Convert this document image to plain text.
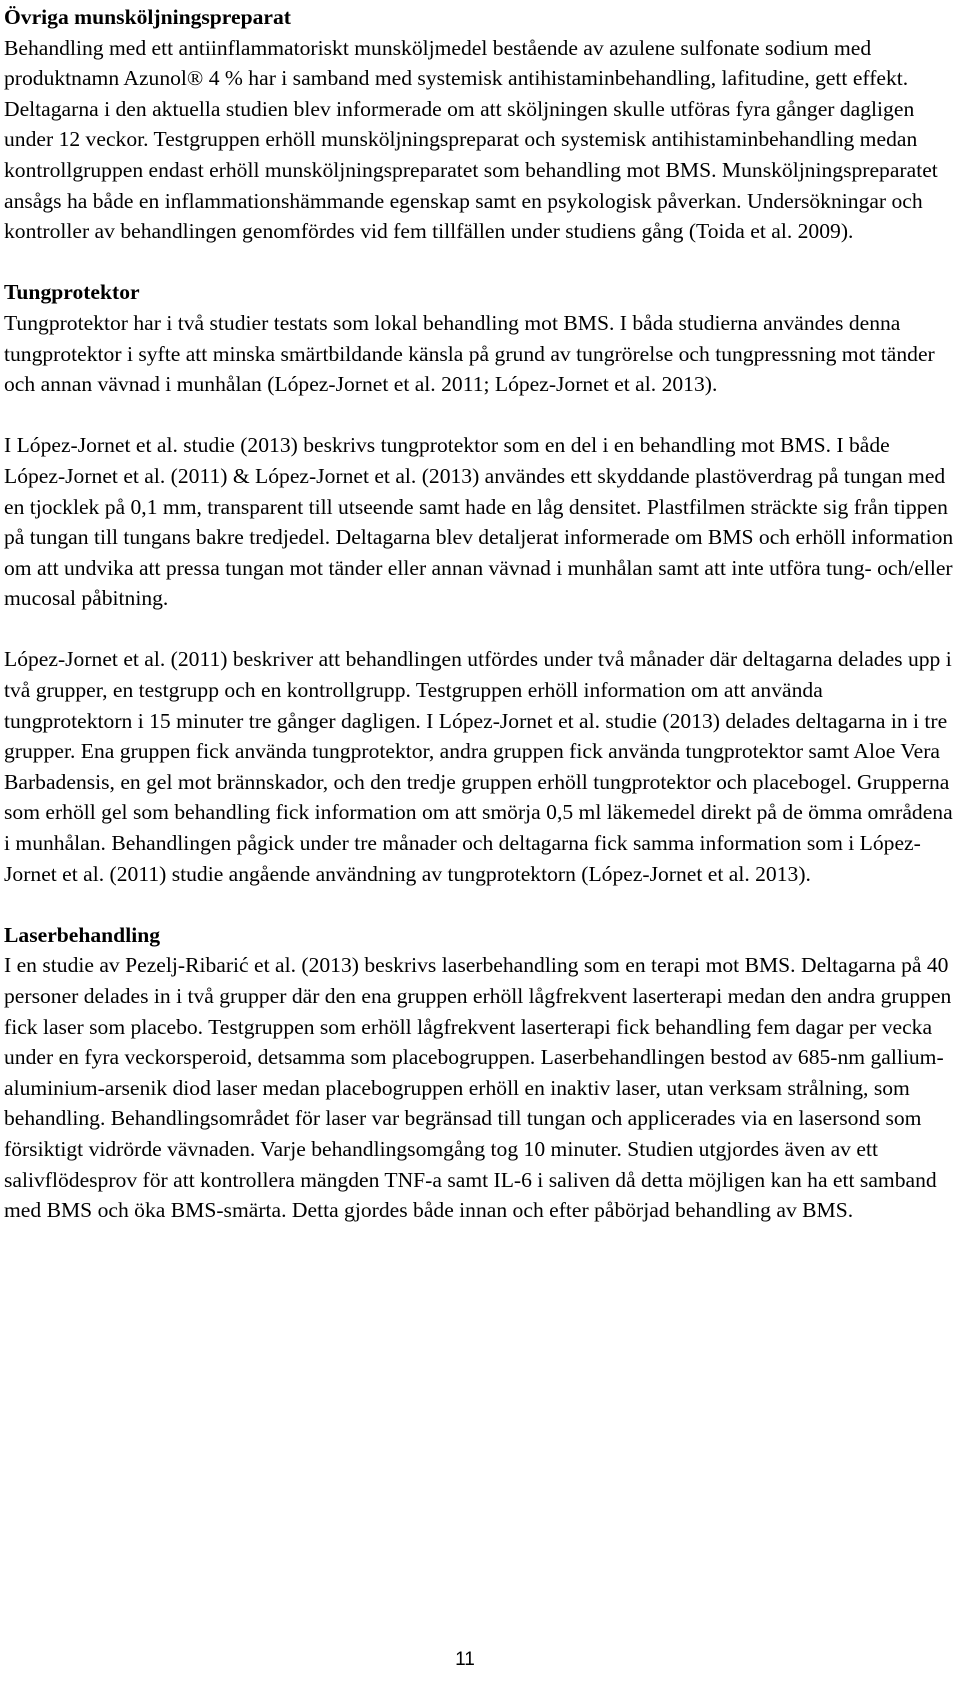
Övriga munsköljningspreparat

Behandling med ett antiinflammatoriskt munsköljmedel bestående av azulene sulfonate sodium med produktnamn Azunol® 4 % har i samband med systemisk antihistaminbehandling, lafitudine, gett effekt. Deltagarna i den aktuella studien blev informerade om att sköljningen skulle utföras fyra gånger dagligen under 12 veckor. Testgruppen erhöll munsköljningspreparat och systemisk antihistaminbehandling medan kontrollgruppen endast erhöll munsköljningspreparatet som behandling mot BMS. Munsköljningspreparatet ansågs ha både en inflammationshämmande egenskap samt en psykologisk påverkan. Undersökningar och kontroller av behandlingen genomfördes vid fem tillfällen under studiens gång (Toida et al. 2009).

Tungprotektor

Tungprotektor har i två studier testats som lokal behandling mot BMS. I båda studierna användes denna tungprotektor i syfte att minska smärtbildande känsla på grund av tungrörelse och tungpressning mot tänder och annan vävnad i munhålan (López-Jornet et al. 2011; López-Jornet et al. 2013).

I López-Jornet et al. studie (2013) beskrivs tungprotektor som en del i en behandling mot BMS. I både López-Jornet et al. (2011) & López-Jornet et al. (2013) användes ett skyddande plastöverdrag på tungan med en tjocklek på 0,1 mm, transparent till utseende samt hade en låg densitet. Plastfilmen sträckte sig från tippen på tungan till tungans bakre tredjedel. Deltagarna blev detaljerat informerade om BMS och erhöll information om att undvika att pressa tungan mot tänder eller annan vävnad i munhålan samt att inte utföra tung- och/eller mucosal påbitning.

López-Jornet et al. (2011) beskriver att behandlingen utfördes under två månader där deltagarna delades upp i två grupper, en testgrupp och en kontrollgrupp. Testgruppen erhöll information om att använda tungprotektorn i 15 minuter tre gånger dagligen. I López-Jornet et al. studie (2013) delades deltagarna in i tre grupper. Ena gruppen fick använda tungprotektor, andra gruppen fick använda tungprotektor samt Aloe Vera Barbadensis, en gel mot brännskador, och den tredje gruppen erhöll tungprotektor och placebogel. Grupperna som erhöll gel som behandling fick information om att smörja 0,5 ml läkemedel direkt på de ömma områdena i munhålan. Behandlingen pågick under tre månader och deltagarna fick samma information som i López-Jornet et al. (2011) studie angående användning av tungprotektorn (López-Jornet et al. 2013).

Laserbehandling

I en studie av Pezelj-Ribarić et al. (2013) beskrivs laserbehandling som en terapi mot BMS. Deltagarna på 40 personer delades in i två grupper där den ena gruppen erhöll lågfrekvent laserterapi medan den andra gruppen fick laser som placebo. Testgruppen som erhöll lågfrekvent laserterapi fick behandling fem dagar per vecka under en fyra veckorsperoid, detsamma som placebogruppen. Laserbehandlingen bestod av 685-nm gallium-aluminium-arsenik diod laser medan placebogruppen erhöll en inaktiv laser, utan verksam strålning, som behandling. Behandlingsområdet för laser var begränsad till tungan och applicerades via en lasersond som försiktigt vidrörde vävnaden. Varje behandlingsomgång tog 10 minuter. Studien utgjordes även av ett salivflödesprov för att kontrollera mängden TNF-a samt IL-6 i saliven då detta möjligen kan ha ett samband med BMS och öka BMS-smärta. Detta gjordes både innan och efter påbörjad behandling av BMS.

11
